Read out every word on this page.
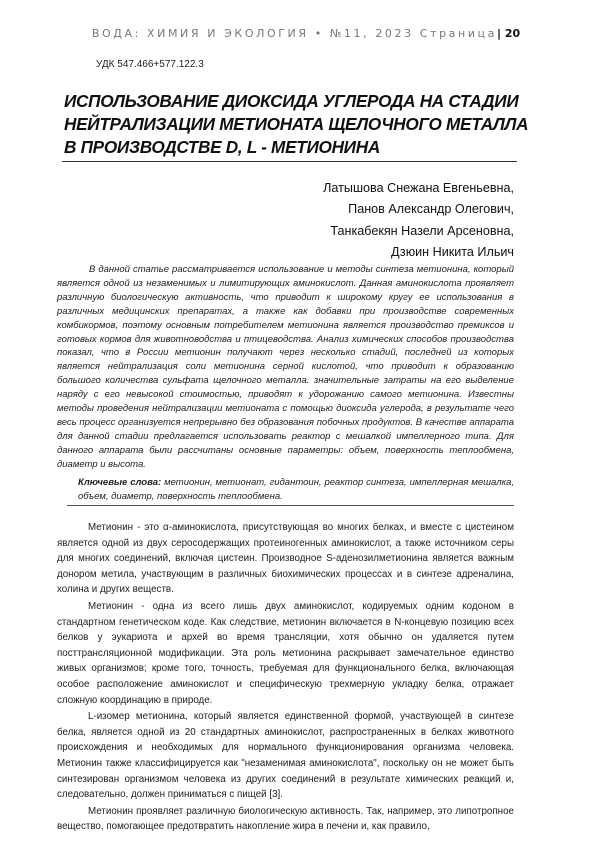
ВОДА: ХИМИЯ И ЭКОЛОГИЯ • №11, 2023 Страница | 20
УДК 547.466+577.122.3
ИСПОЛЬЗОВАНИЕ ДИОКСИДА УГЛЕРОДА НА СТАДИИ НЕЙТРАЛИЗАЦИИ МЕТИОНАТА ЩЕЛОЧНОГО МЕТАЛЛА В ПРОИЗВОДСТВЕ D, L - МЕТИОНИНА
Латышова Снежана Евгеньевна,
Панов Александр Олегович,
Танкабекян Назели Арсеновна,
Дзюин Никита Ильич

В данной статье рассматривается использование и методы синтеза метионина, который является одной из незаменимых и лимитирующих аминокислот. Данная аминокислота проявляет различную биологическую активность, что приводит к широкому кругу ее использования в различных медицинских препаратах, а также как добавки при производстве современных комбикормов, поэтому основным потребителем метионина является производство премиксов и готовых кормов для животноводства и птицеводства. Анализ химических способов производства показал, что в России метионин получают через несколько стадий, последней из которых является нейтрализация соли метионина серной кислотой, что приводит к образованию большого количества сульфата щелочного металла. значительные затраты на его выделение наряду с его невысокой стоимостью, приводят к удорожанию самого метионина. Известны методы проведения нейтрализации метионата с помощью диоксида углерода, в результате чего весь процесс организуется непрерывно без образования побочных продуктов. В качестве аппарата для данной стадии предлагается использовать реактор с мешалкой импеллерного типа. Для данного аппарата были рассчитаны основные параметры: объем, поверхность теплообмена, диаметр и высота.

Ключевые слова: метионин, метионат, гидантоин, реактор синтеза, импеллерная мешалка, объем, диаметр, поверхность теплообмена.

Метионин - это α-аминокислота, присутствующая во многих белках, и вместе с цистеином является одной из двух серосодержащих протеиногенных аминокислот, а также источником серы для многих соединений, включая цистеин. Производное S-аденозилметионина является важным донором метила, участвующим в различных биохимических процессах и в синтезе адреналина, холина и других веществ.

Метионин - одна из всего лишь двух аминокислот, кодируемых одним кодоном в стандартном генетическом коде. Как следствие, метионин включается в N-концевую позицию всех белков у эукариота и архей во время трансляции, хотя обычно он удаляется путем посттрансляционной модификации. Эта роль метионина раскрывает замечательное единство живых организмов; кроме того, точность, требуемая для функционального белка, включающая особое расположение аминокислот и специфическую трехмерную укладку белка, отражает сложную координацию в природе.

L-изомер метионина, который является единственной формой, участвующей в синтезе белка, является одной из 20 стандартных аминокислот, распространенных в белках животного происхождения и необходимых для нормального функционирования организма человека. Метионин также классифицируется как "незаменимая аминокислота", поскольку он не может быть синтезирован организмом человека из других соединений в результате химических реакций и, следовательно, должен приниматься с пищей [3].

Метионин проявляет различную биологическую активность. Так, например, это липотропное вещество, помогающее предотвратить накопление жира в печени и, как правило,
